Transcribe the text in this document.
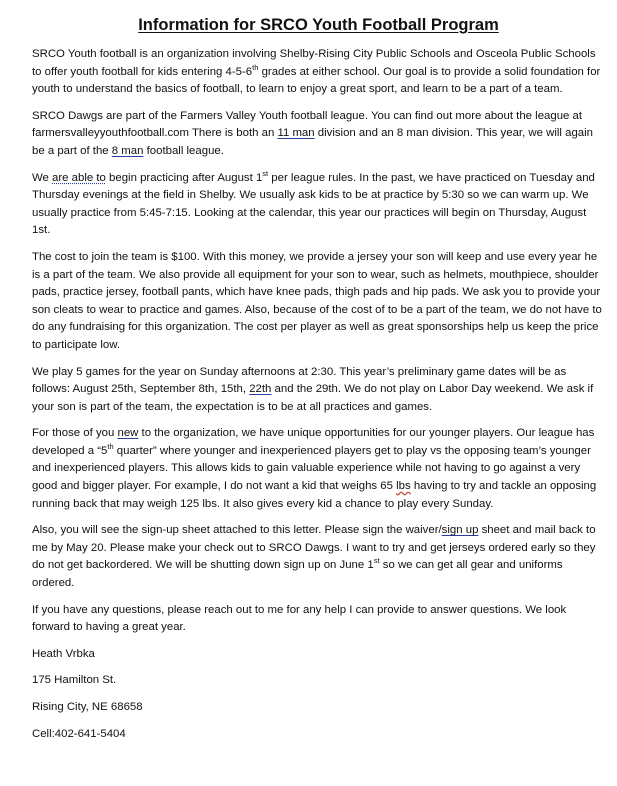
Information for SRCO Youth Football Program

SRCO Youth football is an organization involving Shelby-Rising City Public Schools and Osceola Public Schools to offer youth football for kids entering 4-5-6th grades at either school. Our goal is to provide a solid foundation for youth to understand the basics of football, to learn to enjoy a great sport, and learn to be a part of a team.

SRCO Dawgs are part of the Farmers Valley Youth football league. You can find out more about the league at farmersvalleyyouthfootball.com There is both an 11 man division and an 8 man division. This year, we will again be a part of the 8 man football league.

We are able to begin practicing after August 1st per league rules. In the past, we have practiced on Tuesday and Thursday evenings at the field in Shelby. We usually ask kids to be at practice by 5:30 so we can warm up. We usually practice from 5:45-7:15. Looking at the calendar, this year our practices will begin on Thursday, August 1st.

The cost to join the team is $100. With this money, we provide a jersey your son will keep and use every year he is a part of the team. We also provide all equipment for your son to wear, such as helmets, mouthpiece, shoulder pads, practice jersey, football pants, which have knee pads, thigh pads and hip pads. We ask you to provide your son cleats to wear to practice and games. Also, because of the cost of to be a part of the team, we do not have to do any fundraising for this organization. The cost per player as well as great sponsorships help us keep the price to participate low.

We play 5 games for the year on Sunday afternoons at 2:30. This year’s preliminary game dates will be as follows: August 25th, September 8th, 15th, 22th and the 29th. We do not play on Labor Day weekend. We ask if your son is part of the team, the expectation is to be at all practices and games.

For those of you new to the organization, we have unique opportunities for our younger players. Our league has developed a “5th quarter” where younger and inexperienced players get to play vs the opposing team’s younger and inexperienced players. This allows kids to gain valuable experience while not having to go against a very good and bigger player. For example, I do not want a kid that weighs 65 lbs having to try and tackle an opposing running back that may weigh 125 lbs. It also gives every kid a chance to play every Sunday.

Also, you will see the sign-up sheet attached to this letter. Please sign the waiver/sign up sheet and mail back to me by May 20. Please make your check out to SRCO Dawgs. I want to try and get jerseys ordered early so they do not get backordered. We will be shutting down sign up on June 1st so we can get all gear and uniforms ordered.

If you have any questions, please reach out to me for any help I can provide to answer questions. We look forward to having a great year.

Heath Vrbka

175 Hamilton St.

Rising City, NE 68658

Cell:402-641-5404
